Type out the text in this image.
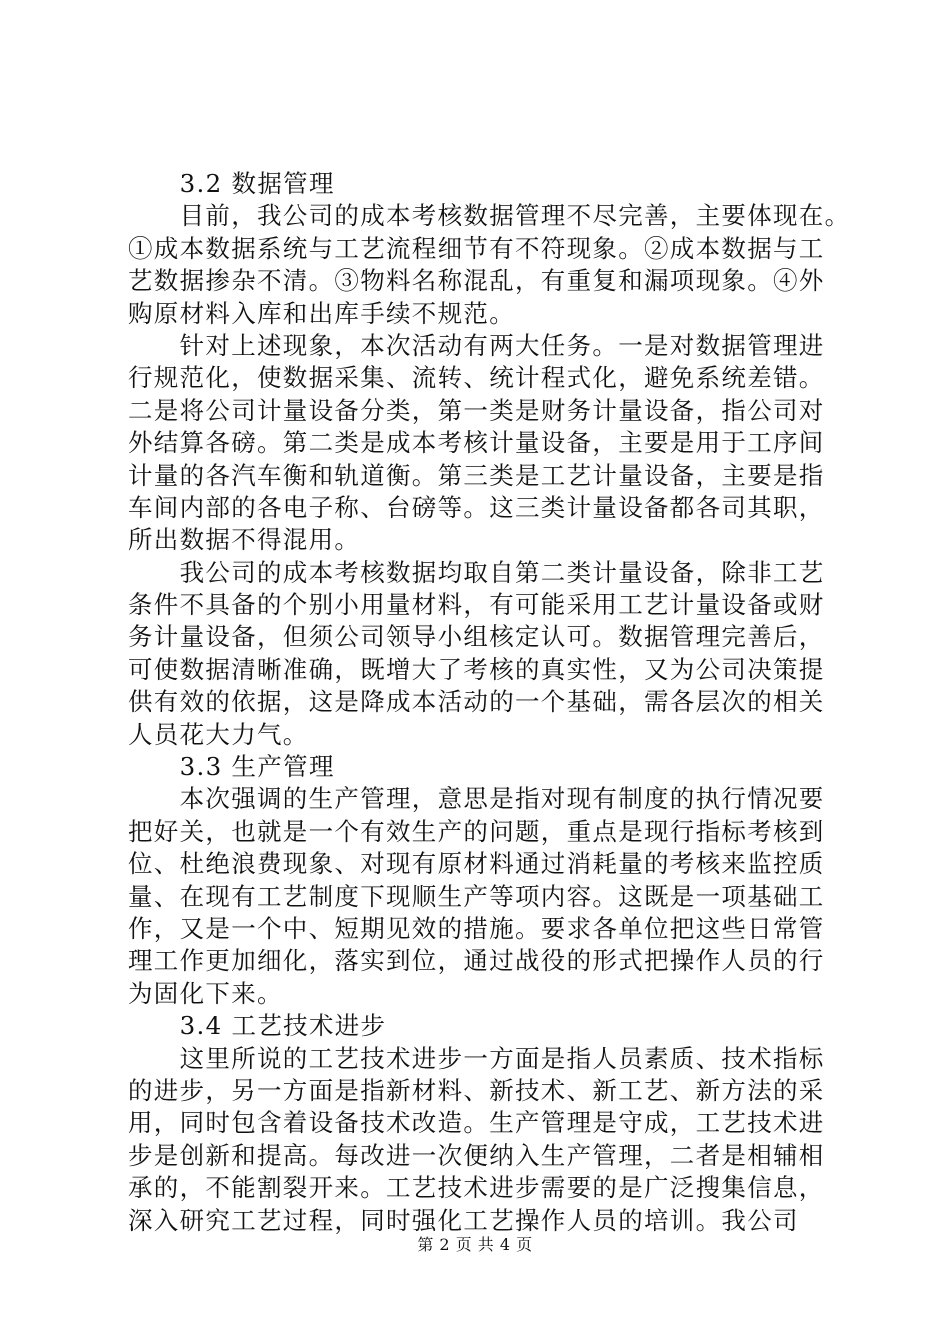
　　3.2 数据管理
　　目前，我公司的成本考核数据管理不尽完善，主要体现在。
①成本数据系统与工艺流程细节有不符现象。②成本数据与工
艺数据掺杂不清。③物料名称混乱，有重复和漏项现象。④外
购原材料入库和出库手续不规范。
　　针对上述现象，本次活动有两大任务。一是对数据管理进
行规范化，使数据采集、流转、统计程式化，避免系统差错。
二是将公司计量设备分类，第一类是财务计量设备，指公司对
外结算各磅。第二类是成本考核计量设备，主要是用于工序间
计量的各汽车衡和轨道衡。第三类是工艺计量设备，主要是指
车间内部的各电子称、台磅等。这三类计量设备都各司其职，
所出数据不得混用。
　　我公司的成本考核数据均取自第二类计量设备，除非工艺
条件不具备的个别小用量材料，有可能采用工艺计量设备或财
务计量设备，但须公司领导小组核定认可。数据管理完善后，
可使数据清晰准确，既增大了考核的真实性，又为公司决策提
供有效的依据，这是降成本活动的一个基础，需各层次的相关
人员花大力气。
　　3.3 生产管理
　　本次强调的生产管理，意思是指对现有制度的执行情况要
把好关，也就是一个有效生产的问题，重点是现行指标考核到
位、杜绝浪费现象、对现有原材料通过消耗量的考核来监控质
量、在现有工艺制度下现顺生产等项内容。这既是一项基础工
作，又是一个中、短期见效的措施。要求各单位把这些日常管
理工作更加细化，落实到位，通过战役的形式把操作人员的行
为固化下来。
　　3.4 工艺技术进步
　　这里所说的工艺技术进步一方面是指人员素质、技术指标
的进步，另一方面是指新材料、新技术、新工艺、新方法的采
用，同时包含着设备技术改造。生产管理是守成，工艺技术进
步是创新和提高。每改进一次便纳入生产管理，二者是相辅相
承的，不能割裂开来。工艺技术进步需要的是广泛搜集信息，
深入研究工艺过程，同时强化工艺操作人员的培训。我公司
第 2 页 共 4 页
